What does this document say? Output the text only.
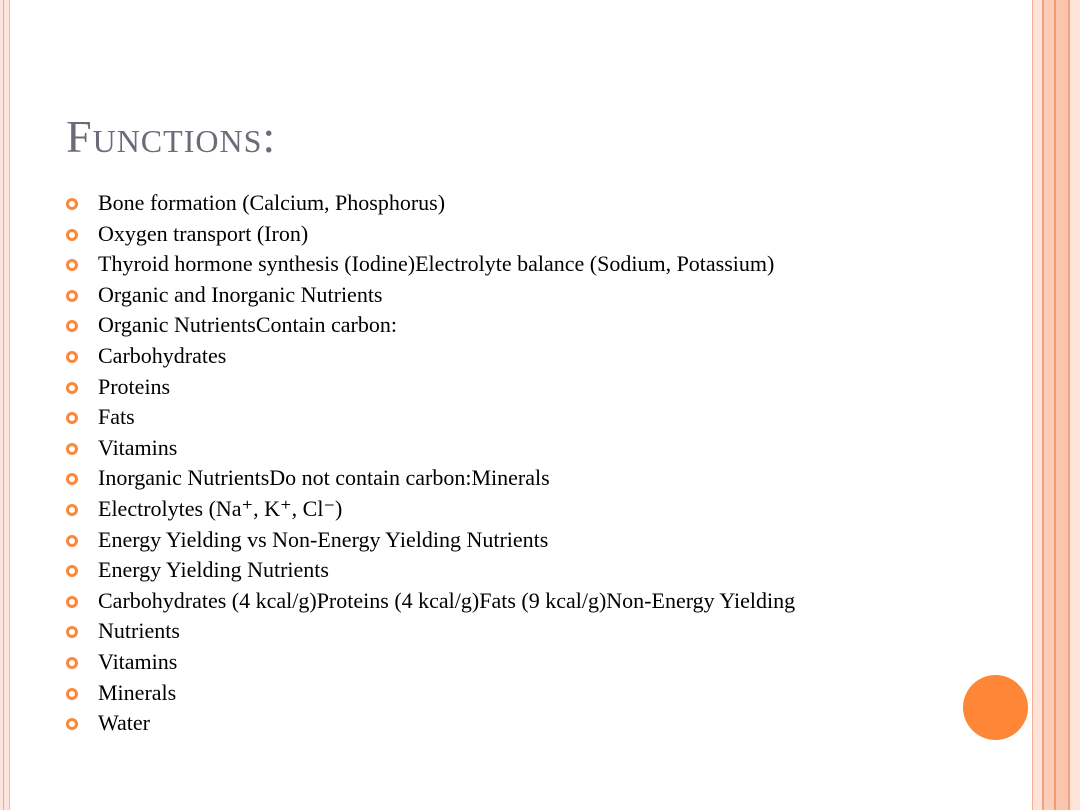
Functions:
Bone formation (Calcium, Phosphorus)
Oxygen transport (Iron)
Thyroid hormone synthesis (Iodine)Electrolyte balance (Sodium, Potassium)
Organic and Inorganic Nutrients
Organic NutrientsContain carbon:
Carbohydrates
Proteins
Fats
Vitamins
Inorganic NutrientsDo not contain carbon:Minerals
Electrolytes (Na⁺, K⁺, Cl⁻)
Energy Yielding vs Non-Energy Yielding Nutrients
Energy Yielding Nutrients
Carbohydrates (4 kcal/g)Proteins (4 kcal/g)Fats (9 kcal/g)Non-Energy Yielding
Nutrients
Vitamins
Minerals
Water
